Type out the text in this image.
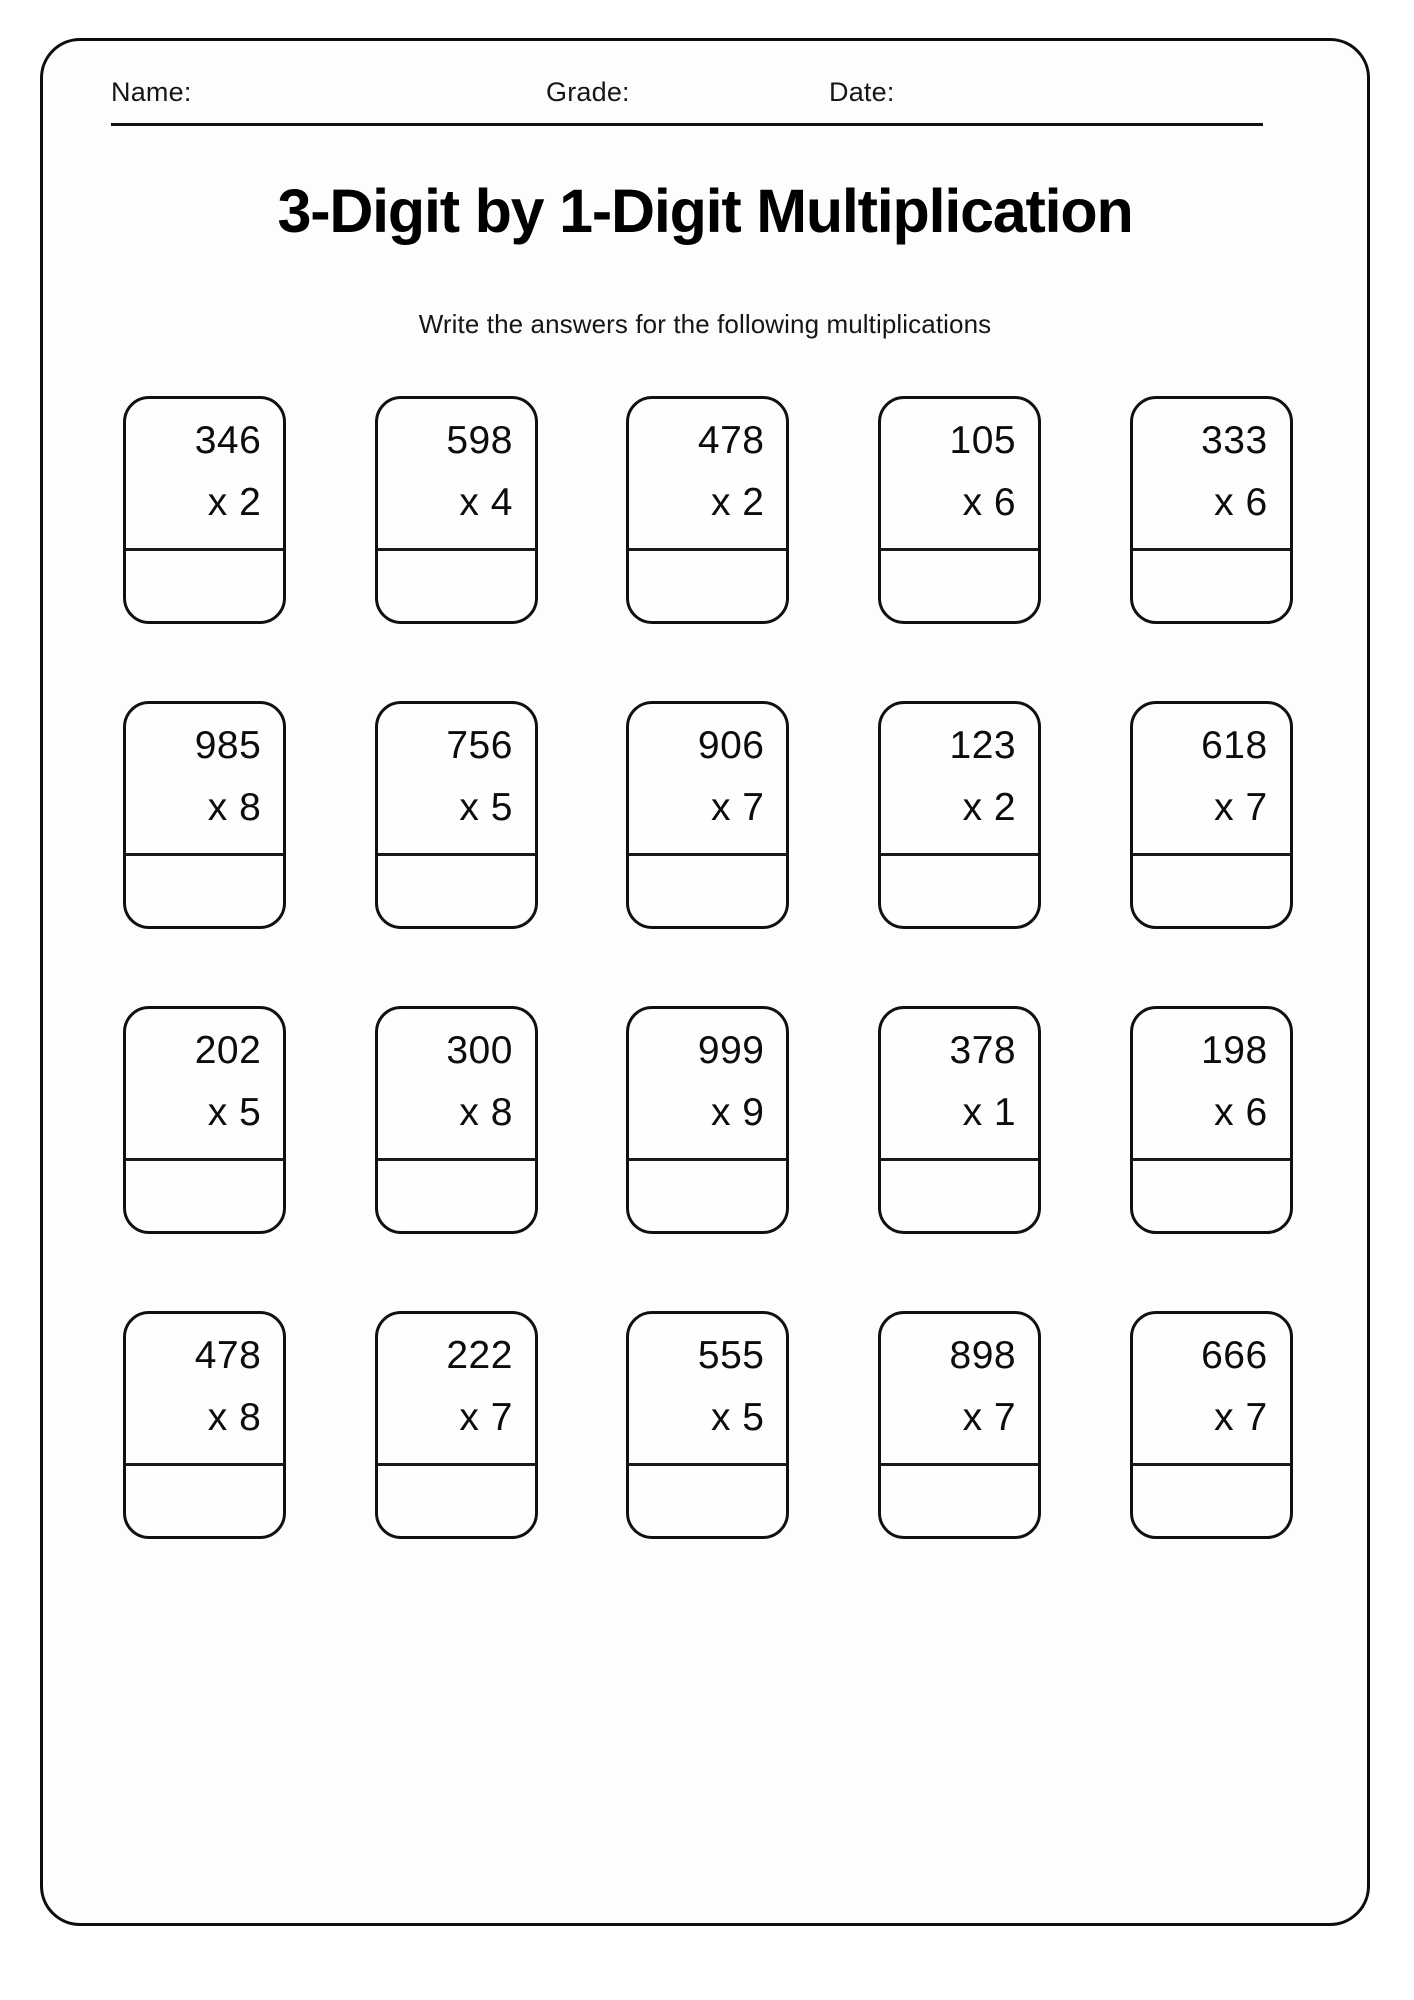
Name:	Grade:	Date:
3-Digit by 1-Digit Multiplication
Write the answers for the following multiplications
346
x 2
598
x 4
478
x 2
105
x 6
333
x 6
985
x 8
756
x 5
906
x 7
123
x 2
618
x 7
202
x 5
300
x 8
999
x 9
378
x 1
198
x 6
478
x 8
222
x 7
555
x 5
898
x 7
666
x 7
